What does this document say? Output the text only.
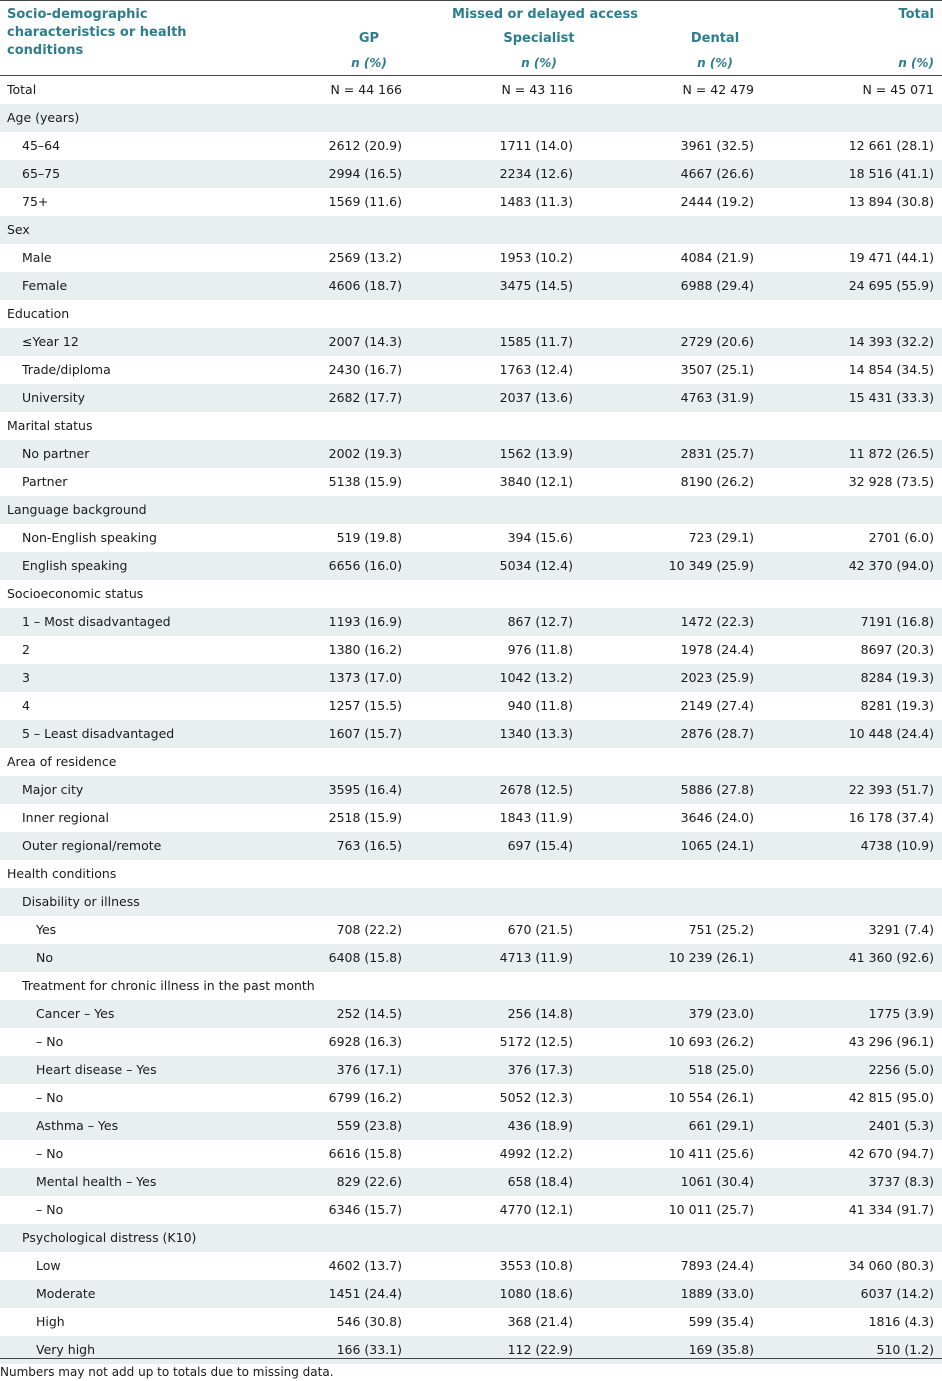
Socio-demographic characteristics or health conditions
Missed or delayed access	Total
GP	Specialist	Dental
n (%)	n (%)	n (%)	n (%)
Total	N = 44 166	N = 43 116	N = 42 479	N = 45 071
Age (years)
45–64	2612 (20.9)	1711 (14.0)	3961 (32.5)	12 661 (28.1)
65–75	2994 (16.5)	2234 (12.6)	4667 (26.6)	18 516 (41.1)
75+	1569 (11.6)	1483 (11.3)	2444 (19.2)	13 894 (30.8)
Sex
Male	2569 (13.2)	1953 (10.2)	4084 (21.9)	19 471 (44.1)
Female	4606 (18.7)	3475 (14.5)	6988 (29.4)	24 695 (55.9)
Education
≤Year 12	2007 (14.3)	1585 (11.7)	2729 (20.6)	14 393 (32.2)
Trade/diploma	2430 (16.7)	1763 (12.4)	3507 (25.1)	14 854 (34.5)
University	2682 (17.7)	2037 (13.6)	4763 (31.9)	15 431 (33.3)
Marital status
No partner	2002 (19.3)	1562 (13.9)	2831 (25.7)	11 872 (26.5)
Partner	5138 (15.9)	3840 (12.1)	8190 (26.2)	32 928 (73.5)
Language background
Non-English speaking	519 (19.8)	394 (15.6)	723 (29.1)	2701 (6.0)
English speaking	6656 (16.0)	5034 (12.4)	10 349 (25.9)	42 370 (94.0)
Socioeconomic status
1 – Most disadvantaged	1193 (16.9)	867 (12.7)	1472 (22.3)	7191 (16.8)
2	1380 (16.2)	976 (11.8)	1978 (24.4)	8697 (20.3)
3	1373 (17.0)	1042 (13.2)	2023 (25.9)	8284 (19.3)
4	1257 (15.5)	940 (11.8)	2149 (27.4)	8281 (19.3)
5 – Least disadvantaged	1607 (15.7)	1340 (13.3)	2876 (28.7)	10 448 (24.4)
Area of residence
Major city	3595 (16.4)	2678 (12.5)	5886 (27.8)	22 393 (51.7)
Inner regional	2518 (15.9)	1843 (11.9)	3646 (24.0)	16 178 (37.4)
Outer regional/remote	763 (16.5)	697 (15.4)	1065 (24.1)	4738 (10.9)
Health conditions
Disability or illness
Yes	708 (22.2)	670 (21.5)	751 (25.2)	3291 (7.4)
No	6408 (15.8)	4713 (11.9)	10 239 (26.1)	41 360 (92.6)
Treatment for chronic illness in the past month
Cancer – Yes	252 (14.5)	256 (14.8)	379 (23.0)	1775 (3.9)
– No	6928 (16.3)	5172 (12.5)	10 693 (26.2)	43 296 (96.1)
Heart disease – Yes	376 (17.1)	376 (17.3)	518 (25.0)	2256 (5.0)
– No	6799 (16.2)	5052 (12.3)	10 554 (26.1)	42 815 (95.0)
Asthma – Yes	559 (23.8)	436 (18.9)	661 (29.1)	2401 (5.3)
– No	6616 (15.8)	4992 (12.2)	10 411 (25.6)	42 670 (94.7)
Mental health – Yes	829 (22.6)	658 (18.4)	1061 (30.4)	3737 (8.3)
– No	6346 (15.7)	4770 (12.1)	10 011 (25.7)	41 334 (91.7)
Psychological distress (K10)
Low	4602 (13.7)	3553 (10.8)	7893 (24.4)	34 060 (80.3)
Moderate	1451 (24.4)	1080 (18.6)	1889 (33.0)	6037 (14.2)
High	546 (30.8)	368 (21.4)	599 (35.4)	1816 (4.3)
Very high	166 (33.1)	112 (22.9)	169 (35.8)	510 (1.2)
Numbers may not add up to totals due to missing data.
